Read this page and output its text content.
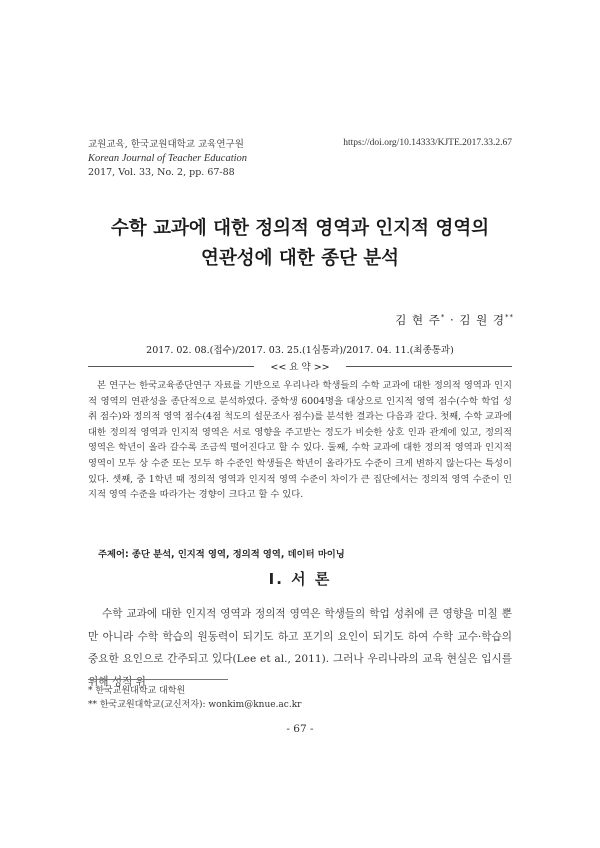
교원교육, 한국교원대학교 교육연구원
Korean Journal of Teacher Education
2017, Vol. 33, No. 2, pp. 67-88
https://doi.org/10.14333/KJTE.2017.33.2.67
수학 교과에 대한 정의적 영역과 인지적 영역의
연관성에 대한 종단 분석
김 현 주* · 김 원 경**
2017. 02. 08.(접수)/2017. 03. 25.(1심통과)/2017. 04. 11.(최종통과)
<< 요 약 >>
본 연구는 한국교육종단연구 자료를 기반으로 우리나라 학생들의 수학 교과에 대한 정의적 영역과 인지적 영역의 연관성을 종단적으로 분석하였다. 중학생 6004명을 대상으로 인지적 영역 점수(수학 학업 성취 점수)와 정의적 영역 점수(4점 척도의 설문조사 점수)를 분석한 결과는 다음과 같다. 첫째, 수학 교과에 대한 정의적 영역과 인지적 영역은 서로 영향을 주고받는 정도가 비슷한 상호 인과 관계에 있고, 정의적 영역은 학년이 올라 갈수록 조금씩 떨어진다고 할 수 있다. 둘째, 수학 교과에 대한 정의적 영역과 인지적 영역이 모두 상 수준 또는 모두 하 수준인 학생들은 학년이 올라가도 수준이 크게 변하지 않는다는 특성이 있다. 셋째, 중 1학년 때 정의적 영역과 인지적 영역 수준이 차이가 큰 집단에서는 정의적 영역 수준이 인지적 영역 수준을 따라가는 경향이 크다고 할 수 있다.
주제어: 종단 분석, 인지적 영역, 정의적 영역, 데이터 마이닝
Ⅰ. 서 론
수학 교과에 대한 인지적 영역과 정의적 영역은 학생들의 학업 성취에 큰 영향을 미칠 뿐만 아니라 수학 학습의 원동력이 되기도 하고 포기의 요인이 되기도 하여 수학 교수·학습의 중요한 요인으로 간주되고 있다(Lee et al., 2011). 그러나 우리나라의 교육 현실은 입시를 위해 성적 위
* 한국교원대학교 대학원
** 한국교원대학교(교신저자): wonkim@knue.ac.kr
- 67 -
